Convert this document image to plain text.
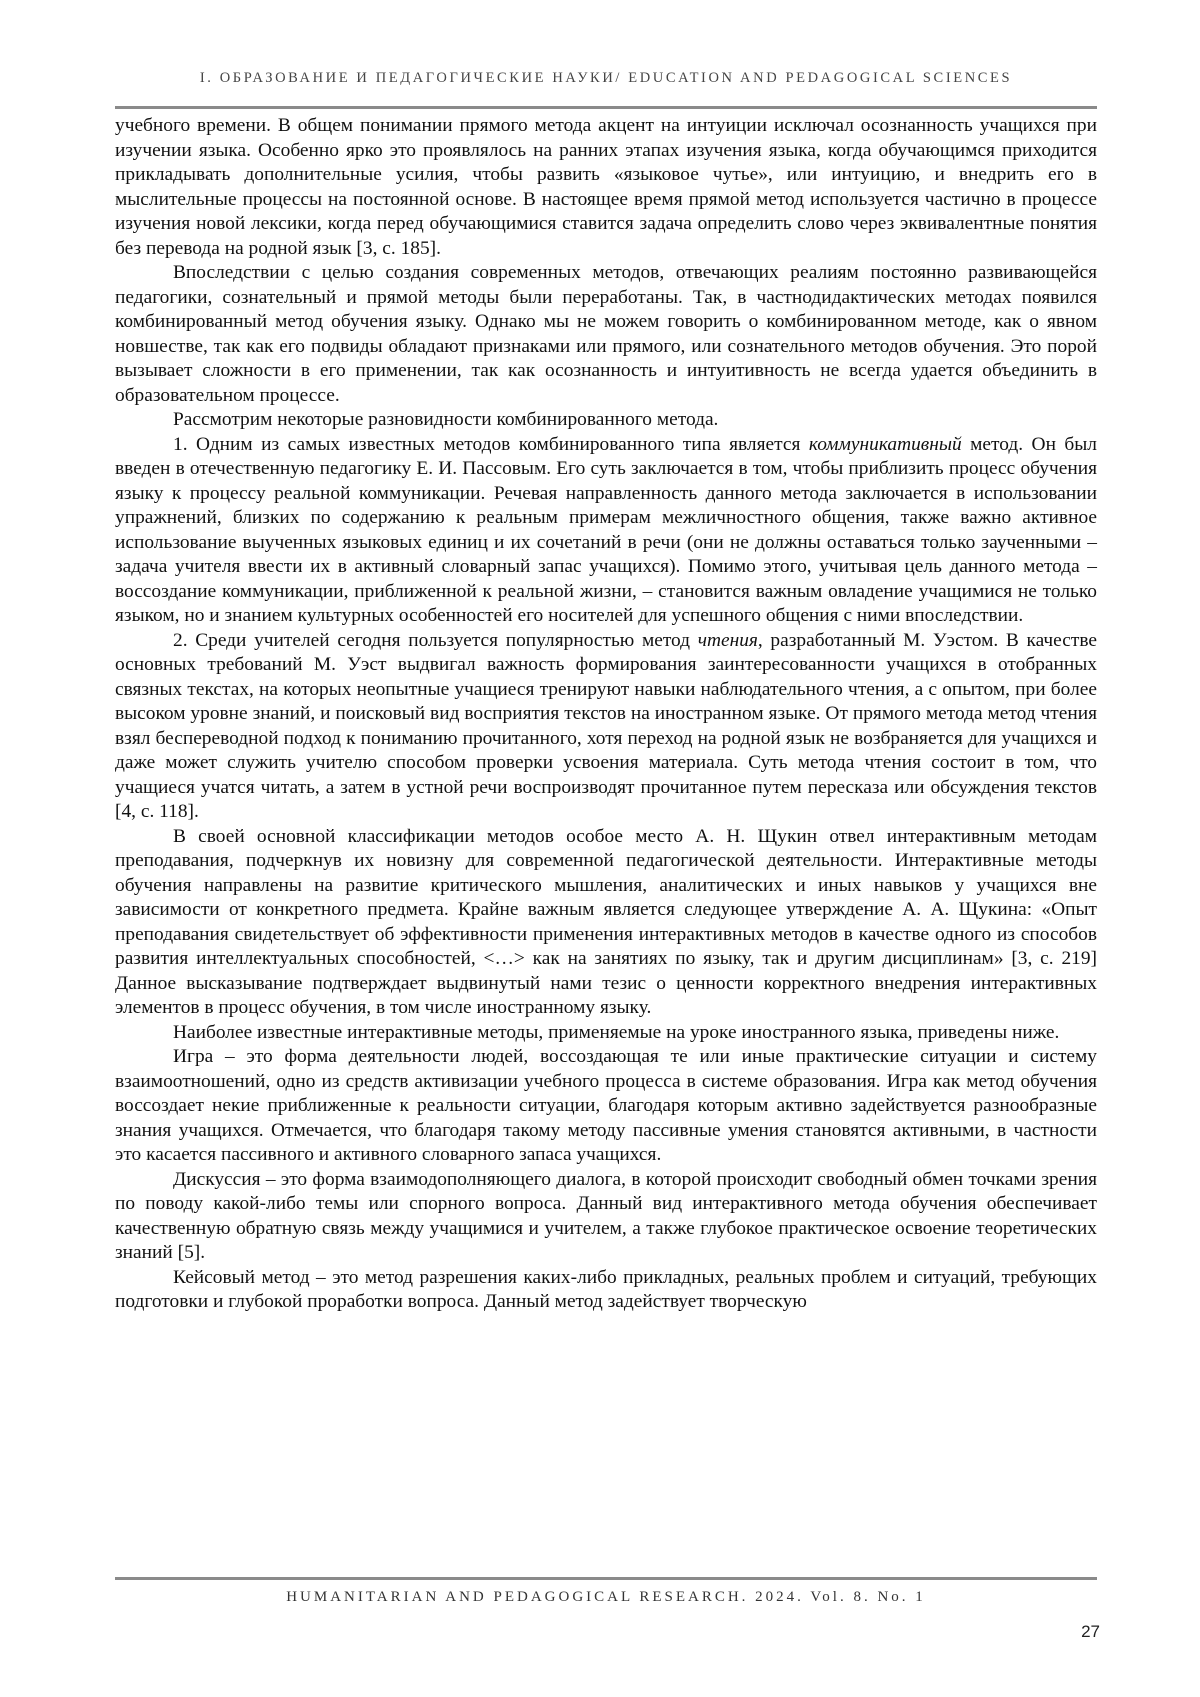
I. ОБРАЗОВАНИЕ И ПЕДАГОГИЧЕСКИЕ НАУКИ/ EDUCATION AND PEDAGOGICAL SCIENCES

учебного времени. В общем понимании прямого метода акцент на интуиции исключал осознанность учащихся при изучении языка. Особенно ярко это проявлялось на ранних этапах изучения языка, когда обучающимся приходится прикладывать дополнительные усилия, чтобы развить «языковое чутье», или интуицию, и внедрить его в мыслительные процессы на постоянной основе. В настоящее время прямой метод используется частично в процессе изучения новой лексики, когда перед обучающимися ставится задача определить слово через эквивалентные понятия без перевода на родной язык [3, с. 185].

Впоследствии с целью создания современных методов, отвечающих реалиям постоянно развивающейся педагогики, сознательный и прямой методы были переработаны. Так, в частнодидактических методах появился комбинированный метод обучения языку. Однако мы не можем говорить о комбинированном методе, как о явном новшестве, так как его подвиды обладают признаками или прямого, или сознательного методов обучения. Это порой вызывает сложности в его применении, так как осознанность и интуитивность не всегда удается объединить в образовательном процессе.

Рассмотрим некоторые разновидности комбинированного метода.

1. Одним из самых известных методов комбинированного типа является коммуникативный метод. Он был введен в отечественную педагогику Е. И. Пассовым. Его суть заключается в том, чтобы приблизить процесс обучения языку к процессу реальной коммуникации. Речевая направленность данного метода заключается в использовании упражнений, близких по содержанию к реальным примерам межличностного общения, также важно активное использование выученных языковых единиц и их сочетаний в речи (они не должны оставаться только заученными – задача учителя ввести их в активный словарный запас учащихся). Помимо этого, учитывая цель данного метода – воссоздание коммуникации, приближенной к реальной жизни, – становится важным овладение учащимися не только языком, но и знанием культурных особенностей его носителей для успешного общения с ними впоследствии.

2. Среди учителей сегодня пользуется популярностью метод чтения, разработанный М. Уэстом. В качестве основных требований М. Уэст выдвигал важность формирования заинтересованности учащихся в отобранных связных текстах, на которых неопытные учащиеся тренируют навыки наблюдательного чтения, а с опытом, при более высоком уровне знаний, и поисковый вид восприятия текстов на иностранном языке. От прямого метода метод чтения взял беспереводной подход к пониманию прочитанного, хотя переход на родной язык не возбраняется для учащихся и даже может служить учителю способом проверки усвоения материала. Суть метода чтения состоит в том, что учащиеся учатся читать, а затем в устной речи воспроизводят прочитанное путем пересказа или обсуждения текстов [4, с. 118].

В своей основной классификации методов особое место А. Н. Щукин отвел интерактивным методам преподавания, подчеркнув их новизну для современной педагогической деятельности. Интерактивные методы обучения направлены на развитие критического мышления, аналитических и иных навыков у учащихся вне зависимости от конкретного предмета. Крайне важным является следующее утверждение А. А. Щукина: «Опыт преподавания свидетельствует об эффективности применения интерактивных методов в качестве одного из способов развития интеллектуальных способностей, <…> как на занятиях по языку, так и другим дисциплинам» [3, с. 219] Данное высказывание подтверждает выдвинутый нами тезис о ценности корректного внедрения интерактивных элементов в процесс обучения, в том числе иностранному языку.

Наиболее известные интерактивные методы, применяемые на уроке иностранного языка, приведены ниже.

Игра – это форма деятельности людей, воссоздающая те или иные практические ситуации и систему взаимоотношений, одно из средств активизации учебного процесса в системе образования. Игра как метод обучения воссоздает некие приближенные к реальности ситуации, благодаря которым активно задействуется разнообразные знания учащихся. Отмечается, что благодаря такому методу пассивные умения становятся активными, в частности это касается пассивного и активного словарного запаса учащихся.

Дискуссия – это форма взаимодополняющего диалога, в которой происходит свободный обмен точками зрения по поводу какой-либо темы или спорного вопроса. Данный вид интерактивного метода обучения обеспечивает качественную обратную связь между учащимися и учителем, а также глубокое практическое освоение теоретических знаний [5].

Кейсовый метод – это метод разрешения каких-либо прикладных, реальных проблем и ситуаций, требующих подготовки и глубокой проработки вопроса. Данный метод задействует творческую

HUMANITARIAN AND PEDAGOGICAL RESEARCH. 2024. Vol. 8. No. 1
27
